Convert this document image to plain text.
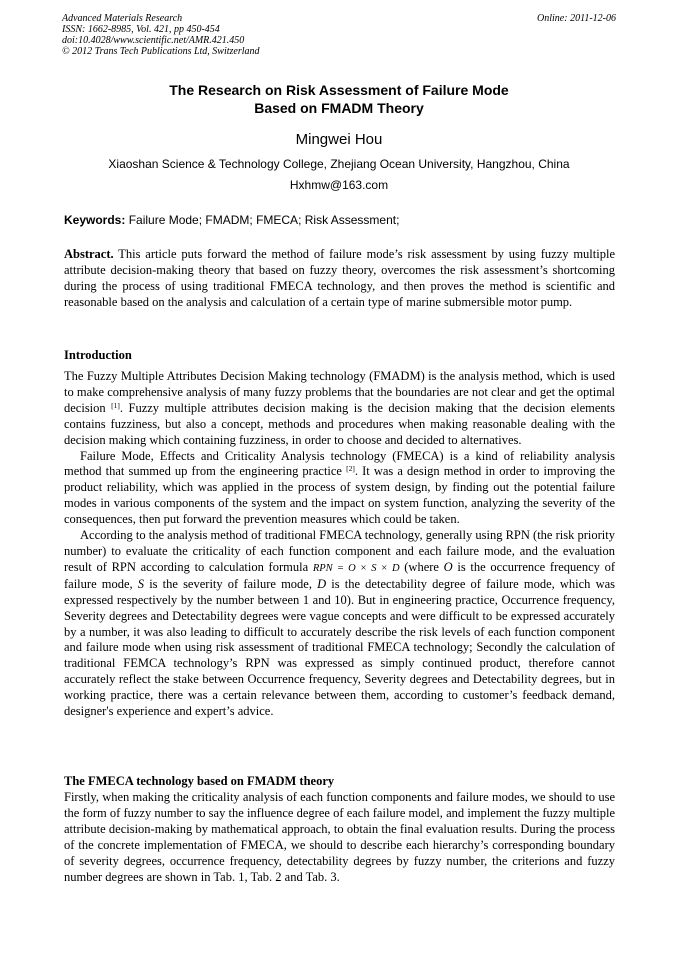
Advanced Materials Research
ISSN: 1662-8985, Vol. 421, pp 450-454
doi:10.4028/www.scientific.net/AMR.421.450
© 2012 Trans Tech Publications Ltd, Switzerland
Online: 2011-12-06
The Research on Risk Assessment of Failure Mode
Based on FMADM Theory
Mingwei Hou
Xiaoshan Science & Technology College, Zhejiang Ocean University, Hangzhou, China
Hxhmw@163.com
Keywords: Failure Mode; FMADM; FMECA; Risk Assessment;

Abstract. This article puts forward the method of failure mode’s risk assessment by using fuzzy multiple attribute decision-making theory that based on fuzzy theory, overcomes the risk assessment’s shortcoming during the process of using traditional FMECA technology, and then proves the method is scientific and reasonable based on the analysis and calculation of a certain type of marine submersible motor pump.

Introduction

The Fuzzy Multiple Attributes Decision Making technology (FMADM) is the analysis method, which is used to make comprehensive analysis of many fuzzy problems that the boundaries are not clear and get the optimal decision [1]. Fuzzy multiple attributes decision making is the decision making that the decision elements contains fuzziness, but also a concept, methods and procedures when making reasonable dealing with the decision making which containing fuzziness, in order to choose and decided to alternatives.

Failure Mode, Effects and Criticality Analysis technology (FMECA) is a kind of reliability analysis method that summed up from the engineering practice [2]. It was a design method in order to improving the product reliability, which was applied in the process of system design, by finding out the potential failure modes in various components of the system and the impact on system function, analyzing the severity of the consequences, then put forward the prevention measures which could be taken.

According to the analysis method of traditional FMECA technology, generally using RPN (the risk priority number) to evaluate the criticality of each function component and each failure mode, and the evaluation result of RPN according to calculation formula RPN = O × S × D (where O is the occurrence frequency of failure mode, S is the severity of failure mode, D is the detectability degree of failure mode, which was expressed respectively by the number between 1 and 10). But in engineering practice, Occurrence frequency, Severity degrees and Detectability degrees were vague concepts and were difficult to be expressed accurately by a number, it was also leading to difficult to accurately describe the risk levels of each function component and failure mode when using risk assessment of traditional FMECA technology; Secondly the calculation of traditional FEMCA technology’s RPN was expressed as simply continued product, therefore cannot accurately reflect the stake between Occurrence frequency, Severity degrees and Detectability degrees, but in working practice, there was a certain relevance between them, according to customer’s feedback demand, designer's experience and expert’s advice.

The FMECA technology based on FMADM theory

Firstly, when making the criticality analysis of each function components and failure modes, we should to use the form of fuzzy number to say the influence degree of each failure model, and implement the fuzzy multiple attribute decision-making by mathematical approach, to obtain the final evaluation results. During the process of the concrete implementation of FMECA, we should to describe each hierarchy’s corresponding boundary of severity degrees, occurrence frequency, detectability degrees by fuzzy number, the criterions and fuzzy number degrees are shown in Tab. 1, Tab. 2 and Tab. 3.
